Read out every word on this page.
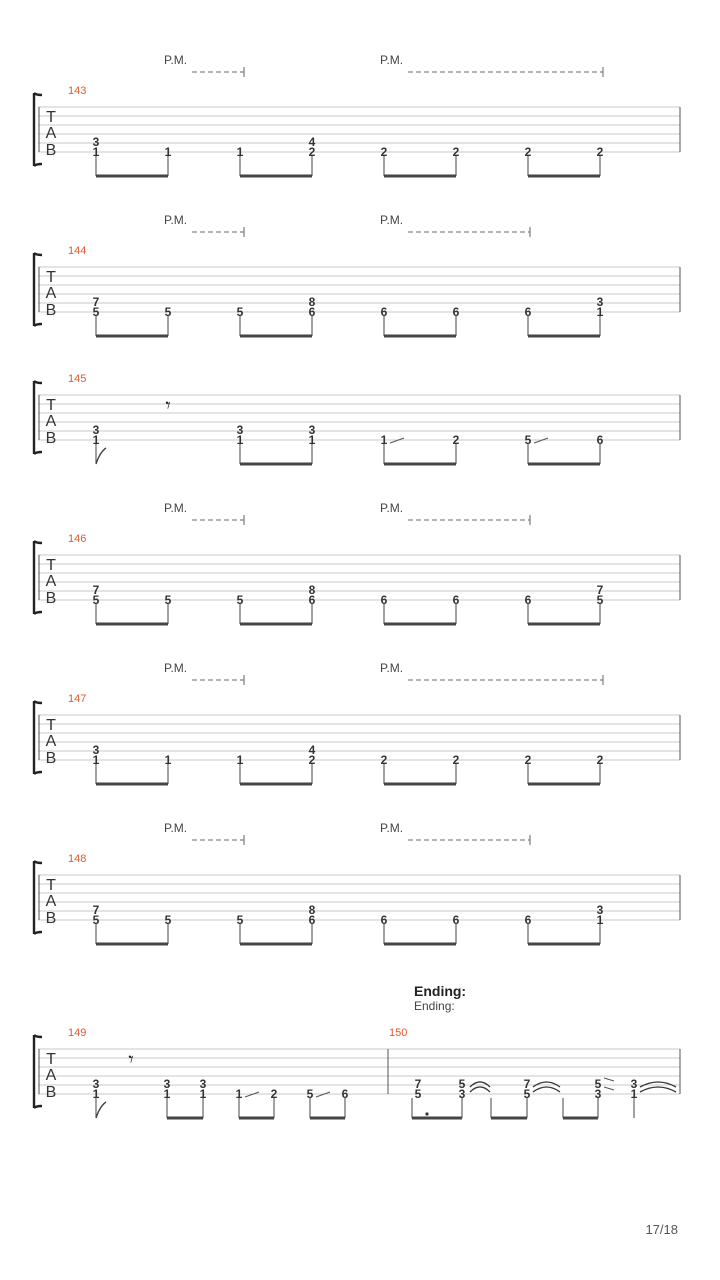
P.M.	P.M.
T
A
B
143
3
1	1	1
4
2	2	2	2	2
P.M.	P.M.
T
A
B
144
7
5	5	5
8
6	6	6	6
3
1
T
A
B
145
3
1
𝄾
3
1
3
1	1	2	5	6
P.M.	P.M.
T
A
B
146
7
5	5	5
8
6	6	6	6
7
5
P.M.	P.M.
T
A
B
147
3
1	1	1
4
2	2	2	2	2
P.M.	P.M.
T
A
B
148
7
5	5	5
8
6	6	6	6
3
1
T
A
B
149	150
3
1
𝄾
3
1
3
1 1 2 5 6
7
5
5
3
7
5
5
3
3
1
Ending:
Ending:
17/18
